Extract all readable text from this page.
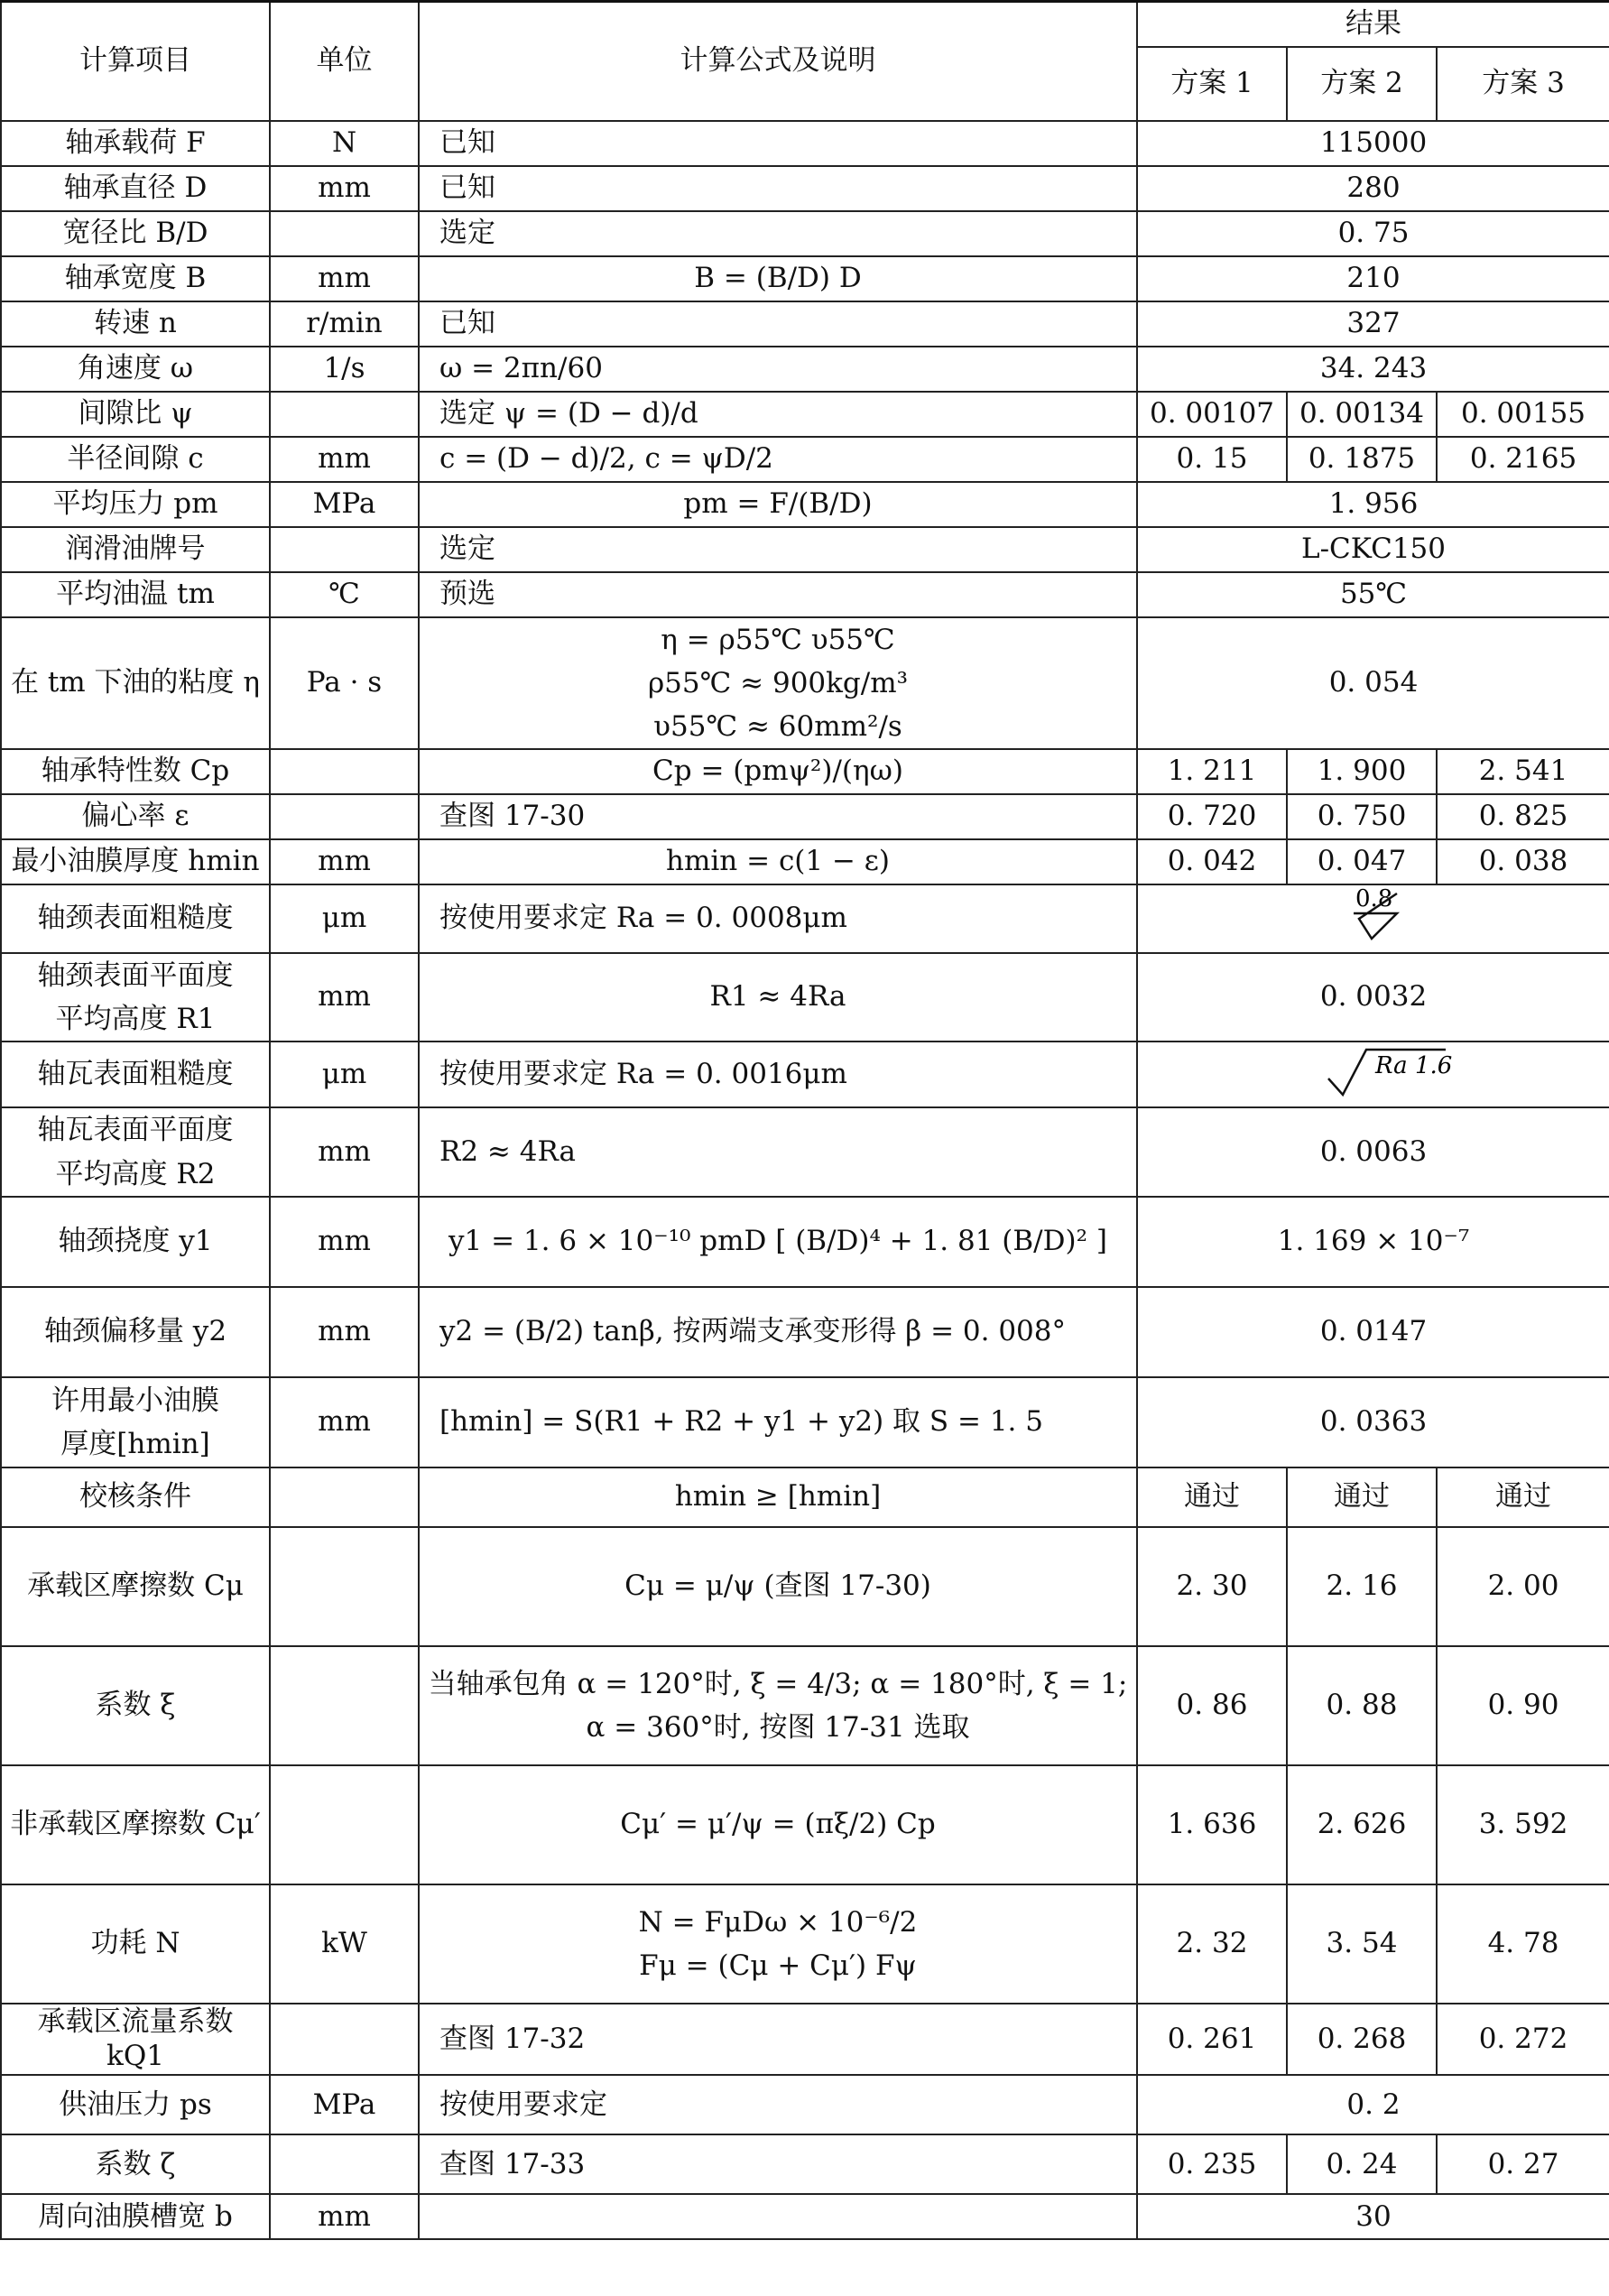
计算项目	单位	计算公式及说明	结果		
			方案 1	方案 2	方案 3
轴承载荷 F	N	已知	115000		
轴承直径 D	mm	已知	280		
宽径比 B/D		选定	0. 75		
轴承宽度 B	mm	B = (B/D) D	210		
转速 n	r/min	已知	327		
角速度 ω	1/s	ω = 2πn/60	34. 243		
间隙比 ψ		选定 ψ = (D − d)/d	0. 00107	0. 00134	0. 00155
半径间隙 c	mm	c = (D − d)/2, c = ψD/2	0. 15	0. 1875	0. 2165
平均压力 pm	MPa	pm = F/(B/D)	1. 956		
润滑油牌号		选定	L-CKC150		
平均油温 tm	℃	预选	55℃		
在 tm 下油的粘度 η	Pa · s	η = ρ55℃ υ55℃
ρ55℃ ≈ 900kg/m³
υ55℃ ≈ 60mm²/s	0. 054		
轴承特性数 Cp		Cp = (pmψ²)/(ηω)	1. 211	1. 900	2. 541
偏心率 ε		查图 17-30	0. 720	0. 750	0. 825
最小油膜厚度 hmin	mm	hmin = c(1 − ε)	0. 042	0. 047	0. 038
轴颈表面粗糙度	μm	按使用要求定 Ra = 0. 0008μm	0.8		

轴颈表面平面度
平均高度 R1	mm	R1 ≈ 4Ra	0. 0032		
轴瓦表面粗糙度	μm	按使用要求定 Ra = 0. 0016μm	Ra 1.6		

轴瓦表面平面度
平均高度 R2	mm	R2 ≈ 4Ra	0. 0063		
轴颈挠度 y1	mm	y1 = 1. 6 × 10⁻¹⁰ pmD [ (B/D)⁴ + 1. 81 (B/D)² ]	1. 169 × 10⁻⁷		
轴颈偏移量 y2	mm	y2 = (B/2) tanβ, 按两端支承变形得 β = 0. 008°	0. 0147		

许用最小油膜
厚度[hmin]	mm	[hmin] = S(R1 + R2 + y1 + y2) 取 S = 1. 5	0. 0363		
校核条件		hmin ≥ [hmin]	通过	通过	通过
承载区摩擦数 Cμ		Cμ = μ/ψ (查图 17-30)	2. 30	2. 16	2. 00
系数 ξ		当轴承包角 α = 120°时, ξ = 4/3; α = 180°时, ξ = 1;
α = 360°时, 按图 17-31 选取	0. 86	0. 88	0. 90
非承载区摩擦数 Cμ′		Cμ′ = μ′/ψ = (πξ/2) Cp	1. 636	2. 626	3. 592
功耗 N	kW	N = FμDω × 10⁻⁶/2
Fμ = (Cμ + Cμ′) Fψ	2. 32	3. 54	4. 78
承载区流量系数 kQ1		查图 17-32	0. 261	0. 268	0. 272
供油压力 ps	MPa	按使用要求定	0. 2		
系数 ζ		查图 17-33	0. 235	0. 24	0. 27
周向油膜槽宽 b	mm		30		
